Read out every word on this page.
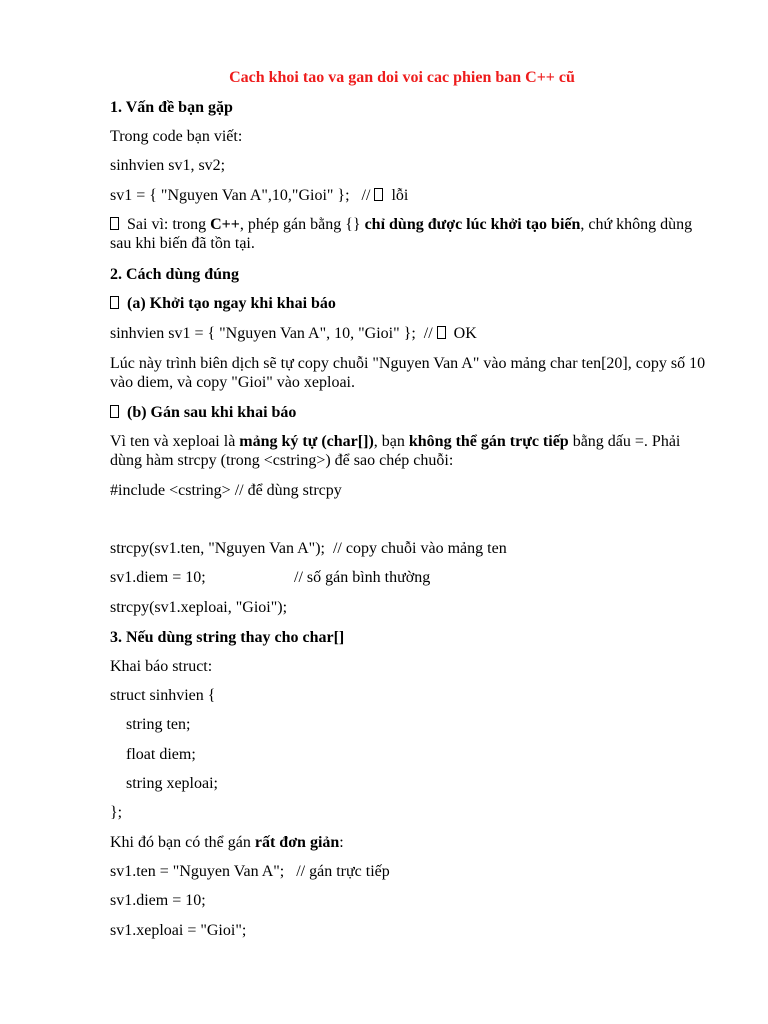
Cach khoi tao va gan doi voi cac phien ban C++ cũ
1. Vấn đề bạn gặp
Trong code bạn viết:
sinhvien sv1, sv2;
sv1 = { "Nguyen Van A",10,"Gioi" };   //  lỗi
Sai vì: trong C++, phép gán bằng {} chỉ dùng được lúc khởi tạo biến, chứ không dùng sau khi biến đã tồn tại.
2. Cách dùng đúng
(a) Khởi tạo ngay khi khai báo
sinhvien sv1 = { "Nguyen Van A", 10, "Gioi" };  //  OK
Lúc này trình biên dịch sẽ tự copy chuỗi "Nguyen Van A" vào mảng char ten[20], copy số 10 vào diem, và copy "Gioi" vào xeploai.
(b) Gán sau khi khai báo
Vì ten và xeploai là mảng ký tự (char[]), bạn không thể gán trực tiếp bằng dấu =. Phải dùng hàm strcpy (trong <cstring>) để sao chép chuỗi:
#include <cstring> // để dùng strcpy
strcpy(sv1.ten, "Nguyen Van A");  // copy chuỗi vào mảng ten
sv1.diem = 10;	// số gán bình thường
strcpy(sv1.xeploai, "Gioi");
3. Nếu dùng string thay cho char[]
Khai báo struct:
struct sinhvien {
string ten;
float diem;
string xeploai;
};
Khi đó bạn có thể gán rất đơn giản:
sv1.ten = "Nguyen Van A";   // gán trực tiếp
sv1.diem = 10;
sv1.xeploai = "Gioi";
